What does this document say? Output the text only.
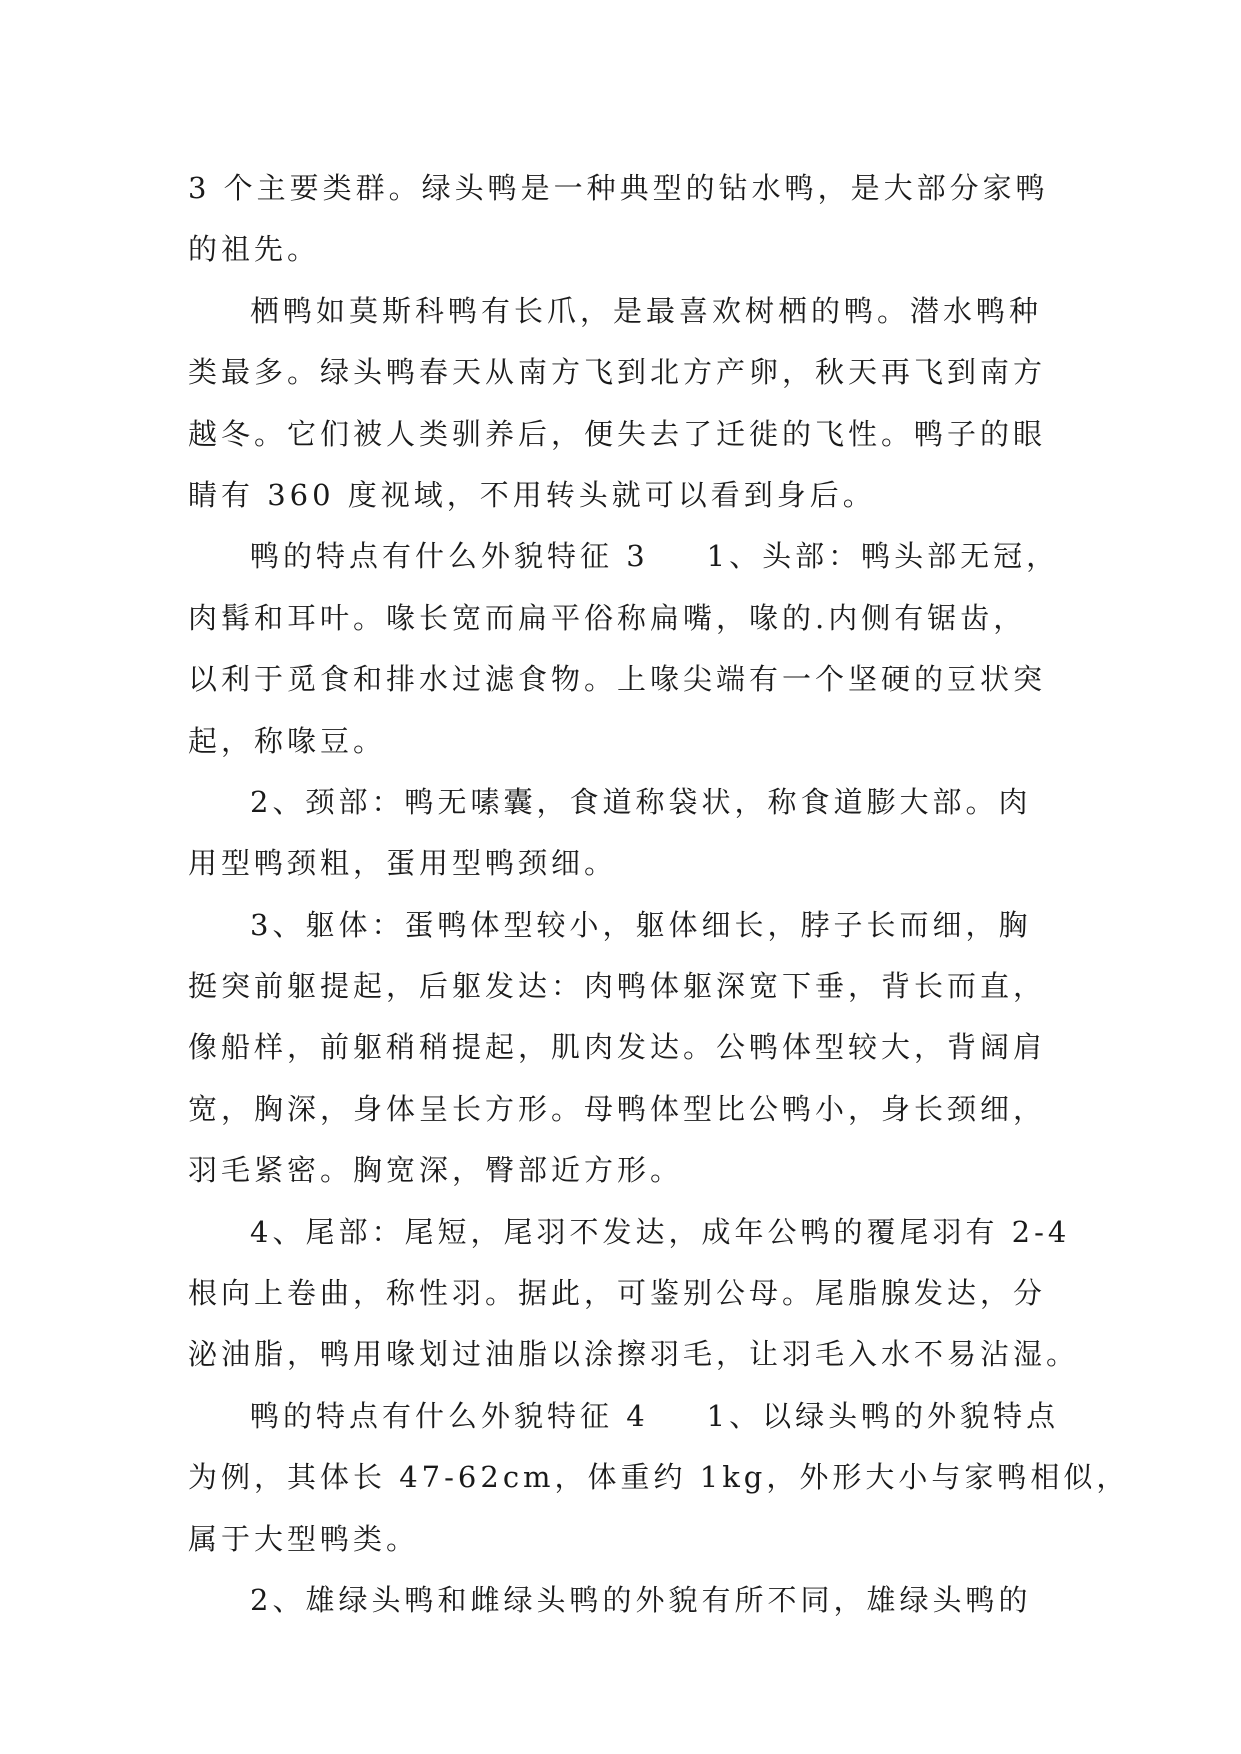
3 个主要类群。绿头鸭是一种典型的钻水鸭，是大部分家鸭
的祖先。
栖鸭如莫斯科鸭有长爪，是最喜欢树栖的鸭。潜水鸭种
类最多。绿头鸭春天从南方飞到北方产卵，秋天再飞到南方
越冬。它们被人类驯养后，便失去了迁徙的飞性。鸭子的眼
睛有 360 度视域，不用转头就可以看到身后。
鸭的特点有什么外貌特征 3 1、头部：鸭头部无冠，
肉髯和耳叶。喙长宽而扁平俗称扁嘴，喙的.内侧有锯齿，
以利于觅食和排水过滤食物。上喙尖端有一个坚硬的豆状突
起，称喙豆。
2、颈部：鸭无嗉囊，食道称袋状，称食道膨大部。肉
用型鸭颈粗，蛋用型鸭颈细。
3、躯体：蛋鸭体型较小，躯体细长，脖子长而细，胸
挺突前躯提起，后躯发达：肉鸭体躯深宽下垂，背长而直，
像船样，前躯稍稍提起，肌肉发达。公鸭体型较大，背阔肩
宽，胸深，身体呈长方形。母鸭体型比公鸭小，身长颈细，
羽毛紧密。胸宽深，臀部近方形。
4、尾部：尾短，尾羽不发达，成年公鸭的覆尾羽有 2-4
根向上卷曲，称性羽。据此，可鉴别公母。尾脂腺发达，分
泌油脂，鸭用喙划过油脂以涂擦羽毛，让羽毛入水不易沾湿。
鸭的特点有什么外貌特征 4 1、以绿头鸭的外貌特点
为例，其体长 47-62cm，体重约 1kg，外形大小与家鸭相似，
属于大型鸭类。
2、雄绿头鸭和雌绿头鸭的外貌有所不同，雄绿头鸭的
